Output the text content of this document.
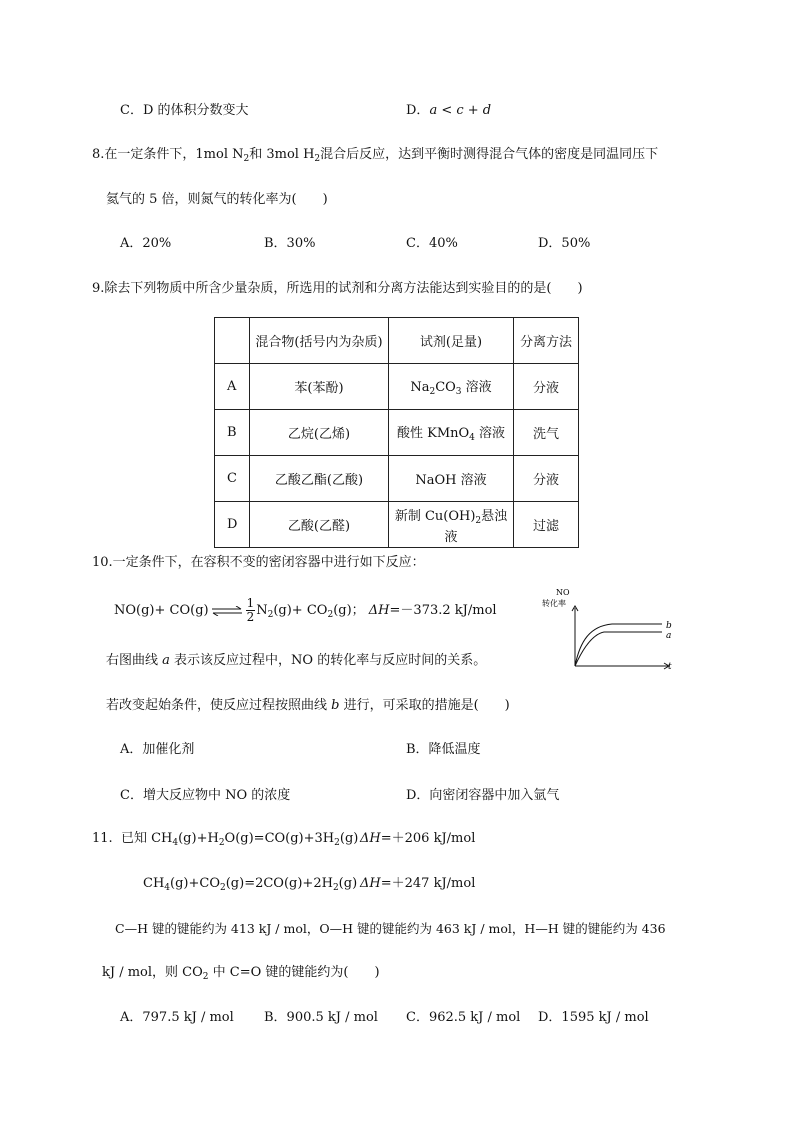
C．D 的体积分数变大	D．a < c + d
8.在一定条件下，1mol $N_2$和 3mol $H_2$混合后反应，达到平衡时测得混合气体的密度是同温同压下
氦气的 5 倍，则氮气的转化率为(　　)
A．20%	B．30%	C．40%	D．50%
9.除去下列物质中所含少量杂质，所选用的试剂和分离方法能达到实验目的的是(　　)
	混合物(括号内为杂质)	试剂(足量)	分离方法
A	苯(苯酚)	$Na_2CO_3$ 溶液	分液
B	乙烷(乙烯)	酸性 KMnO$_4$ 溶液	洗气
C	乙酸乙酯(乙酸)	NaOH 溶液	分液
D	乙酸(乙醛)	新制 $Cu(OH)_2$悬浊液	过滤
10.一定条件下，在容积不变的密闭容器中进行如下反应：
NO(g)+ CO(g) ⇌ $\frac{1}{2} N_2(g)+ CO_2(g)$； ΔH=－373.2 kJ/mol
右图曲线 a 表示该反应过程中，NO 的转化率与反应时间的关系。
若改变起始条件，使反应过程按照曲线 b 进行，可采取的措施是(　　)
NO
转化率
b
a
t
A．加催化剂	B．降低温度
C．增大反应物中 NO 的浓度	D．向密闭容器中加入氩气
11. 已知 $CH_4(g)+H_2O(g)=CO(g)+3H_2(g)$ ΔH=＋206 kJ/mol
$CH_4(g)+CO_2(g)=2CO(g)+2H_2(g)$ ΔH=＋247 kJ/mol
C—H 键的键能约为 413 kJ / mol，O—H 键的键能约为 463 kJ / mol，H—H 键的键能约为 436
kJ / mol，则 $CO_2$ 中 C=O 键的键能约为(　　)
A．797.5 kJ / mol B．900.5 kJ / mol C．962.5 kJ / mol D．1595 kJ / mol
